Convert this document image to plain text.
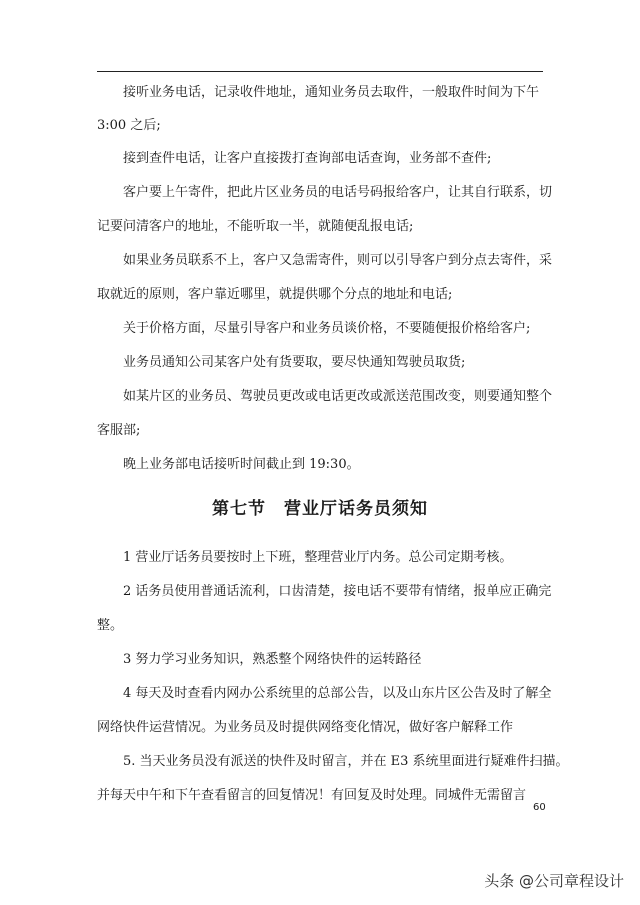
接听业务电话，记录收件地址，通知业务员去取件，一般取件时间为下午
3:00 之后;
接到查件电话，让客户直接拨打查询部电话查询，业务部不查件;
客户要上午寄件，把此片区业务员的电话号码报给客户，让其自行联系，切
记要问清客户的地址，不能听取一半，就随便乱报电话;
如果业务员联系不上，客户又急需寄件，则可以引导客户到分点去寄件，采
取就近的原则，客户靠近哪里，就提供哪个分点的地址和电话;
关于价格方面，尽量引导客户和业务员谈价格，不要随便报价格给客户;
业务员通知公司某客户处有货要取，要尽快通知驾驶员取货;
如某片区的业务员、驾驶员更改或电话更改或派送范围改变，则要通知整个
客服部;
晚上业务部电话接听时间截止到 19:30。
第七节　营业厅话务员须知
1 营业厅话务员要按时上下班，整理营业厅内务。总公司定期考核。
2 话务员使用普通话流利，口齿清楚，接电话不要带有情绪，报单应正确完
整。
3 努力学习业务知识，熟悉整个网络快件的运转路径
4 每天及时查看内网办公系统里的总部公告，以及山东片区公告及时了解全
网络快件运营情况。为业务员及时提供网络变化情况，做好客户解释工作
5. 当天业务员没有派送的快件及时留言，并在 E3 系统里面进行疑难件扫描。
并每天中午和下午查看留言的回复情况！有回复及时处理。同城件无需留言
60
头条 @公司章程设计
